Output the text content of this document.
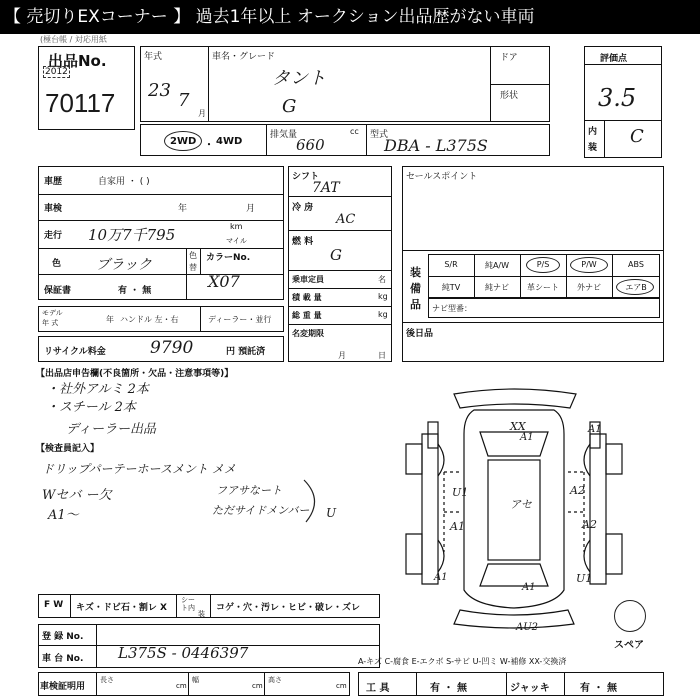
【 売切りEXコーナー 】 過去1年以上 オークション出品歴がない車両
(極台帳 / 対応用紙
出品No.
2012
70117
年式
23 7
月
車名・グレード
タント
G
ドア
形状
評価点
3.5
内
装
C
2WD ・ 4WD
排気量	cc
660
型式
DBA - L375S
車歴	自家用 ・ ( )
車検	年	月
走行 10万7千795	km
マイル
色 ブラック
色
替
カラーNo.
X07
保証書	有 ・ 無
モデル
年 式	年 ハンドル 左・右	ディーラー・並行
リサイクル料金	9790	円 預託済
シフト
7AT
冷 房
AC
燃 料
G
乗車定員	名
積 載 量	kg
総 重 量	kg
名変期限
月	日
セールスポイント
装
備
品
S/R	純A/W	P/S	P/W	ABS
純TV	純ナビ	革シート	外ナビ	エアB
ナビ型番：
後日品
【出品店申告欄(不良箇所・欠品・注意事項等)】
・社外アルミ 2本
・スチール 2本
ディーラー出品
【検査員記入】
ドリップパーテーホースメント メメ
Wセバ ー欠
A1〜
フアサなート
ただサイドメンバー U
XX
A1
A1
U1
アセ
A2
A1	A2
U1
A1
A1
AU2
スペア
F W キズ・ドビ石・割レ X
シー
ト内
装
コゲ・穴・汚レ・ヒビ・破レ・ズレ
登 録 No.
車 台 No. L375S - 0446397	A-キズ C-腐食 E-エクボ S-サビ U-凹ミ W-補修 XX-交換済
車検証明用
長さ
cm
幅
cm
高さ
cm 工 具	有 ・ 無	ジャッキ	有 ・ 無
